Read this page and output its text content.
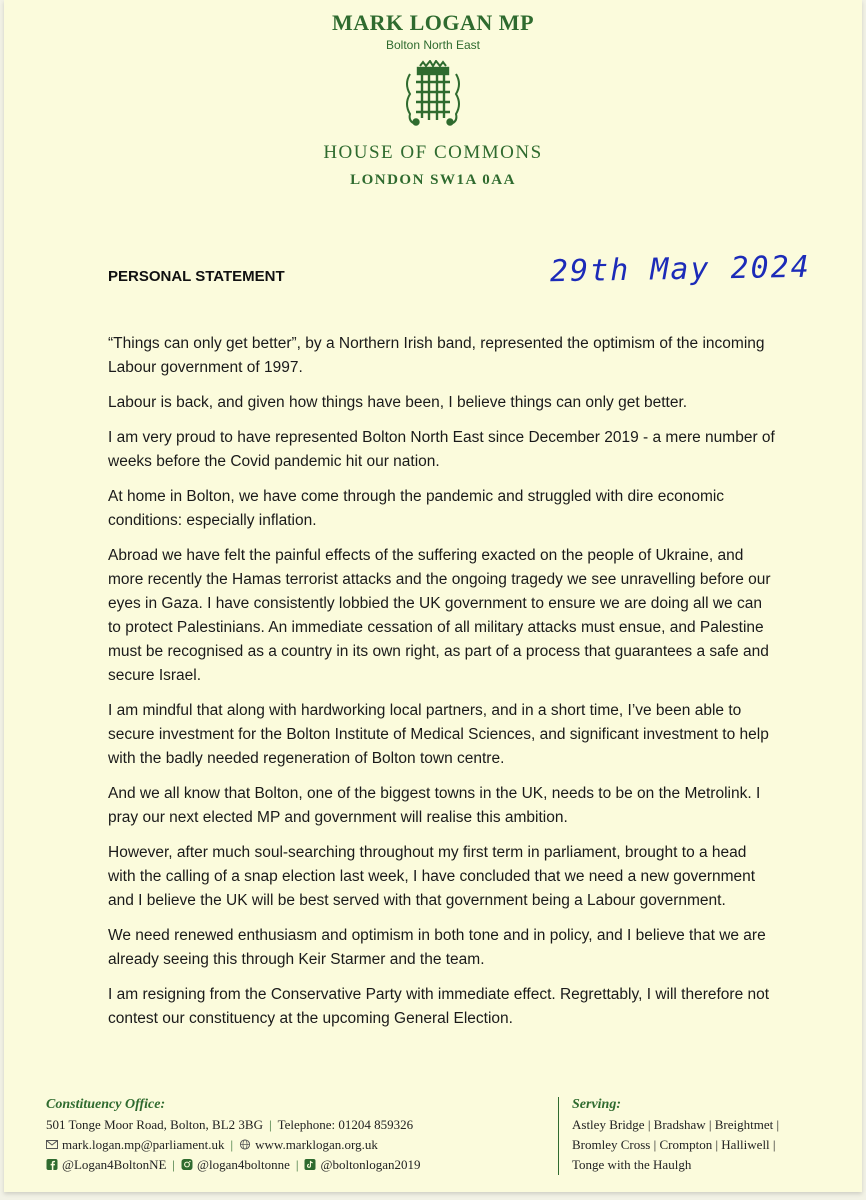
MARK LOGAN MP
Bolton North East
HOUSE OF COMMONS
LONDON SW1A 0AA
PERSONAL STATEMENT	29th May 2024

“Things can only get better”, by a Northern Irish band, represented the optimism of the incoming Labour government of 1997.

Labour is back, and given how things have been, I believe things can only get better.

I am very proud to have represented Bolton North East since December 2019 - a mere number of weeks before the Covid pandemic hit our nation.

At home in Bolton, we have come through the pandemic and struggled with dire economic conditions: especially inflation.

Abroad we have felt the painful effects of the suffering exacted on the people of Ukraine, and more recently the Hamas terrorist attacks and the ongoing tragedy we see unravelling before our eyes in Gaza. I have consistently lobbied the UK government to ensure we are doing all we can to protect Palestinians. An immediate cessation of all military attacks must ensue, and Palestine must be recognised as a country in its own right, as part of a process that guarantees a safe and secure Israel.

I am mindful that along with hardworking local partners, and in a short time, I’ve been able to secure investment for the Bolton Institute of Medical Sciences, and significant investment to help with the badly needed regeneration of Bolton town centre.

And we all know that Bolton, one of the biggest towns in the UK, needs to be on the Metrolink. I pray our next elected MP and government will realise this ambition.

However, after much soul-searching throughout my first term in parliament, brought to a head with the calling of a snap election last week, I have concluded that we need a new government and I believe the UK will be best served with that government being a Labour government.

We need renewed enthusiasm and optimism in both tone and in policy, and I believe that we are already seeing this through Keir Starmer and the team.

I am resigning from the Conservative Party with immediate effect. Regrettably, I will therefore not contest our constituency at the upcoming General Election.

Constituency Office:
501 Tonge Moor Road, Bolton, BL2 3BG | Telephone: 01204 859326
mark.logan.mp@parliament.uk | www.marklogan.org.uk
@Logan4BoltonNE | @logan4boltonne | @boltonlogan2019
Serving:
Astley Bridge | Bradshaw | Breightmet |
Bromley Cross | Crompton | Halliwell |
Tonge with the Haulgh
